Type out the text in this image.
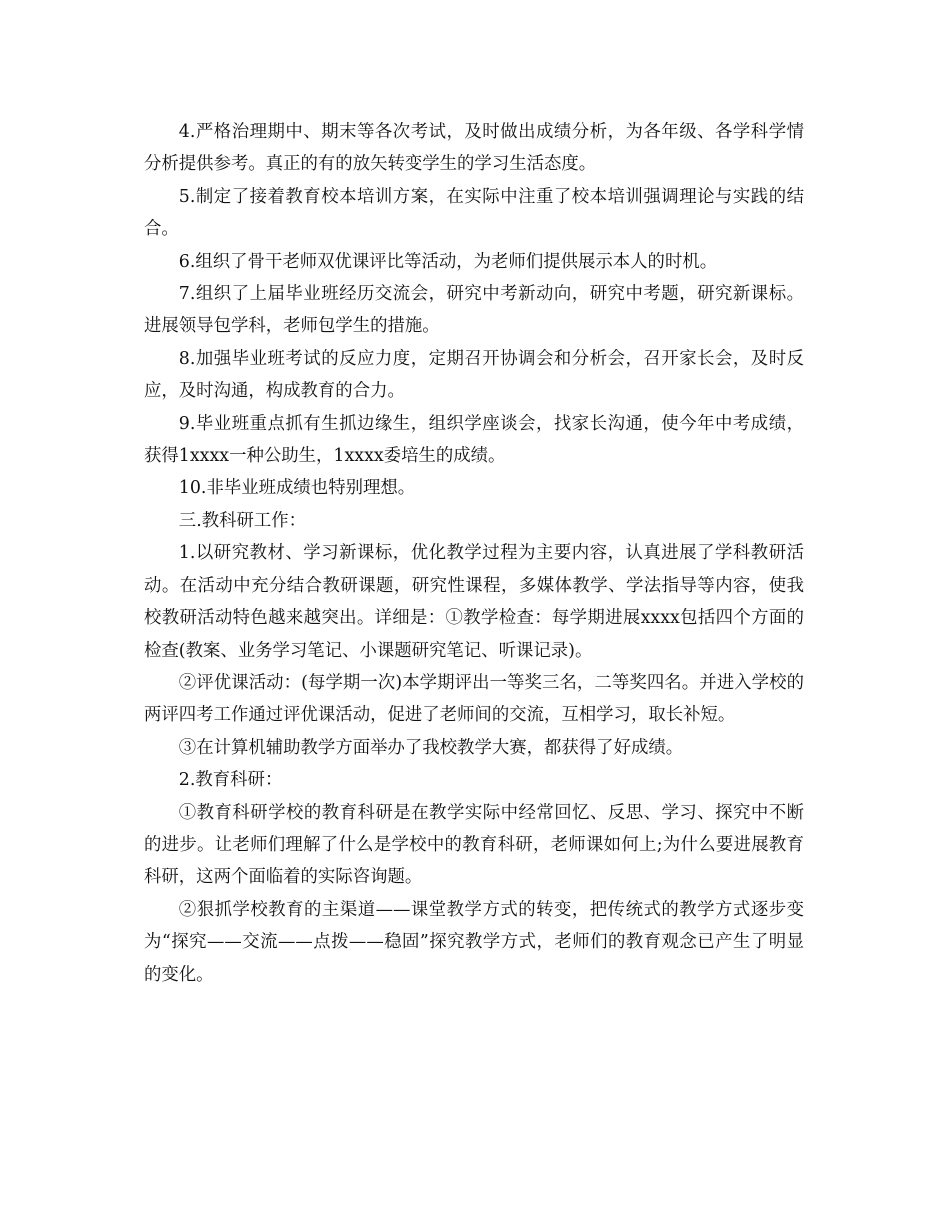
4.严格治理期中、期末等各次考试，及时做出成绩分析，为各年级、各学科学情分析提供参考。真正的有的放矢转变学生的学习生活态度。

5.制定了接着教育校本培训方案，在实际中注重了校本培训强调理论与实践的结合。

6.组织了骨干老师双优课评比等活动，为老师们提供展示本人的时机。

7.组织了上届毕业班经历交流会，研究中考新动向，研究中考题，研究新课标。进展领导包学科，老师包学生的措施。

8.加强毕业班考试的反应力度，定期召开协调会和分析会，召开家长会，及时反应，及时沟通，构成教育的合力。

9.毕业班重点抓有生抓边缘生，组织学座谈会，找家长沟通，使今年中考成绩，获得1xxxx一种公助生，1xxxx委培生的成绩。

10.非毕业班成绩也特别理想。

三.教科研工作：

1.以研究教材、学习新课标，优化教学过程为主要内容，认真进展了学科教研活动。在活动中充分结合教研课题，研究性课程，多媒体教学、学法指导等内容，使我校教研活动特色越来越突出。详细是：①教学检查：每学期进展xxxx包括四个方面的检查(教案、业务学习笔记、小课题研究笔记、听课记录)。

②评优课活动：(每学期一次)本学期评出一等奖三名，二等奖四名。并进入学校的两评四考工作通过评优课活动，促进了老师间的交流，互相学习，取长补短。

③在计算机辅助教学方面举办了我校教学大赛，都获得了好成绩。

2.教育科研：

①教育科研学校的教育科研是在教学实际中经常回忆、反思、学习、探究中不断的进步。让老师们理解了什么是学校中的教育科研，老师课如何上;为什么要进展教育科研，这两个面临着的实际咨询题。

②狠抓学校教育的主渠道——课堂教学方式的转变，把传统式的教学方式逐步变为“探究——交流——点拨——稳固”探究教学方式，老师们的教育观念已产生了明显的变化。
